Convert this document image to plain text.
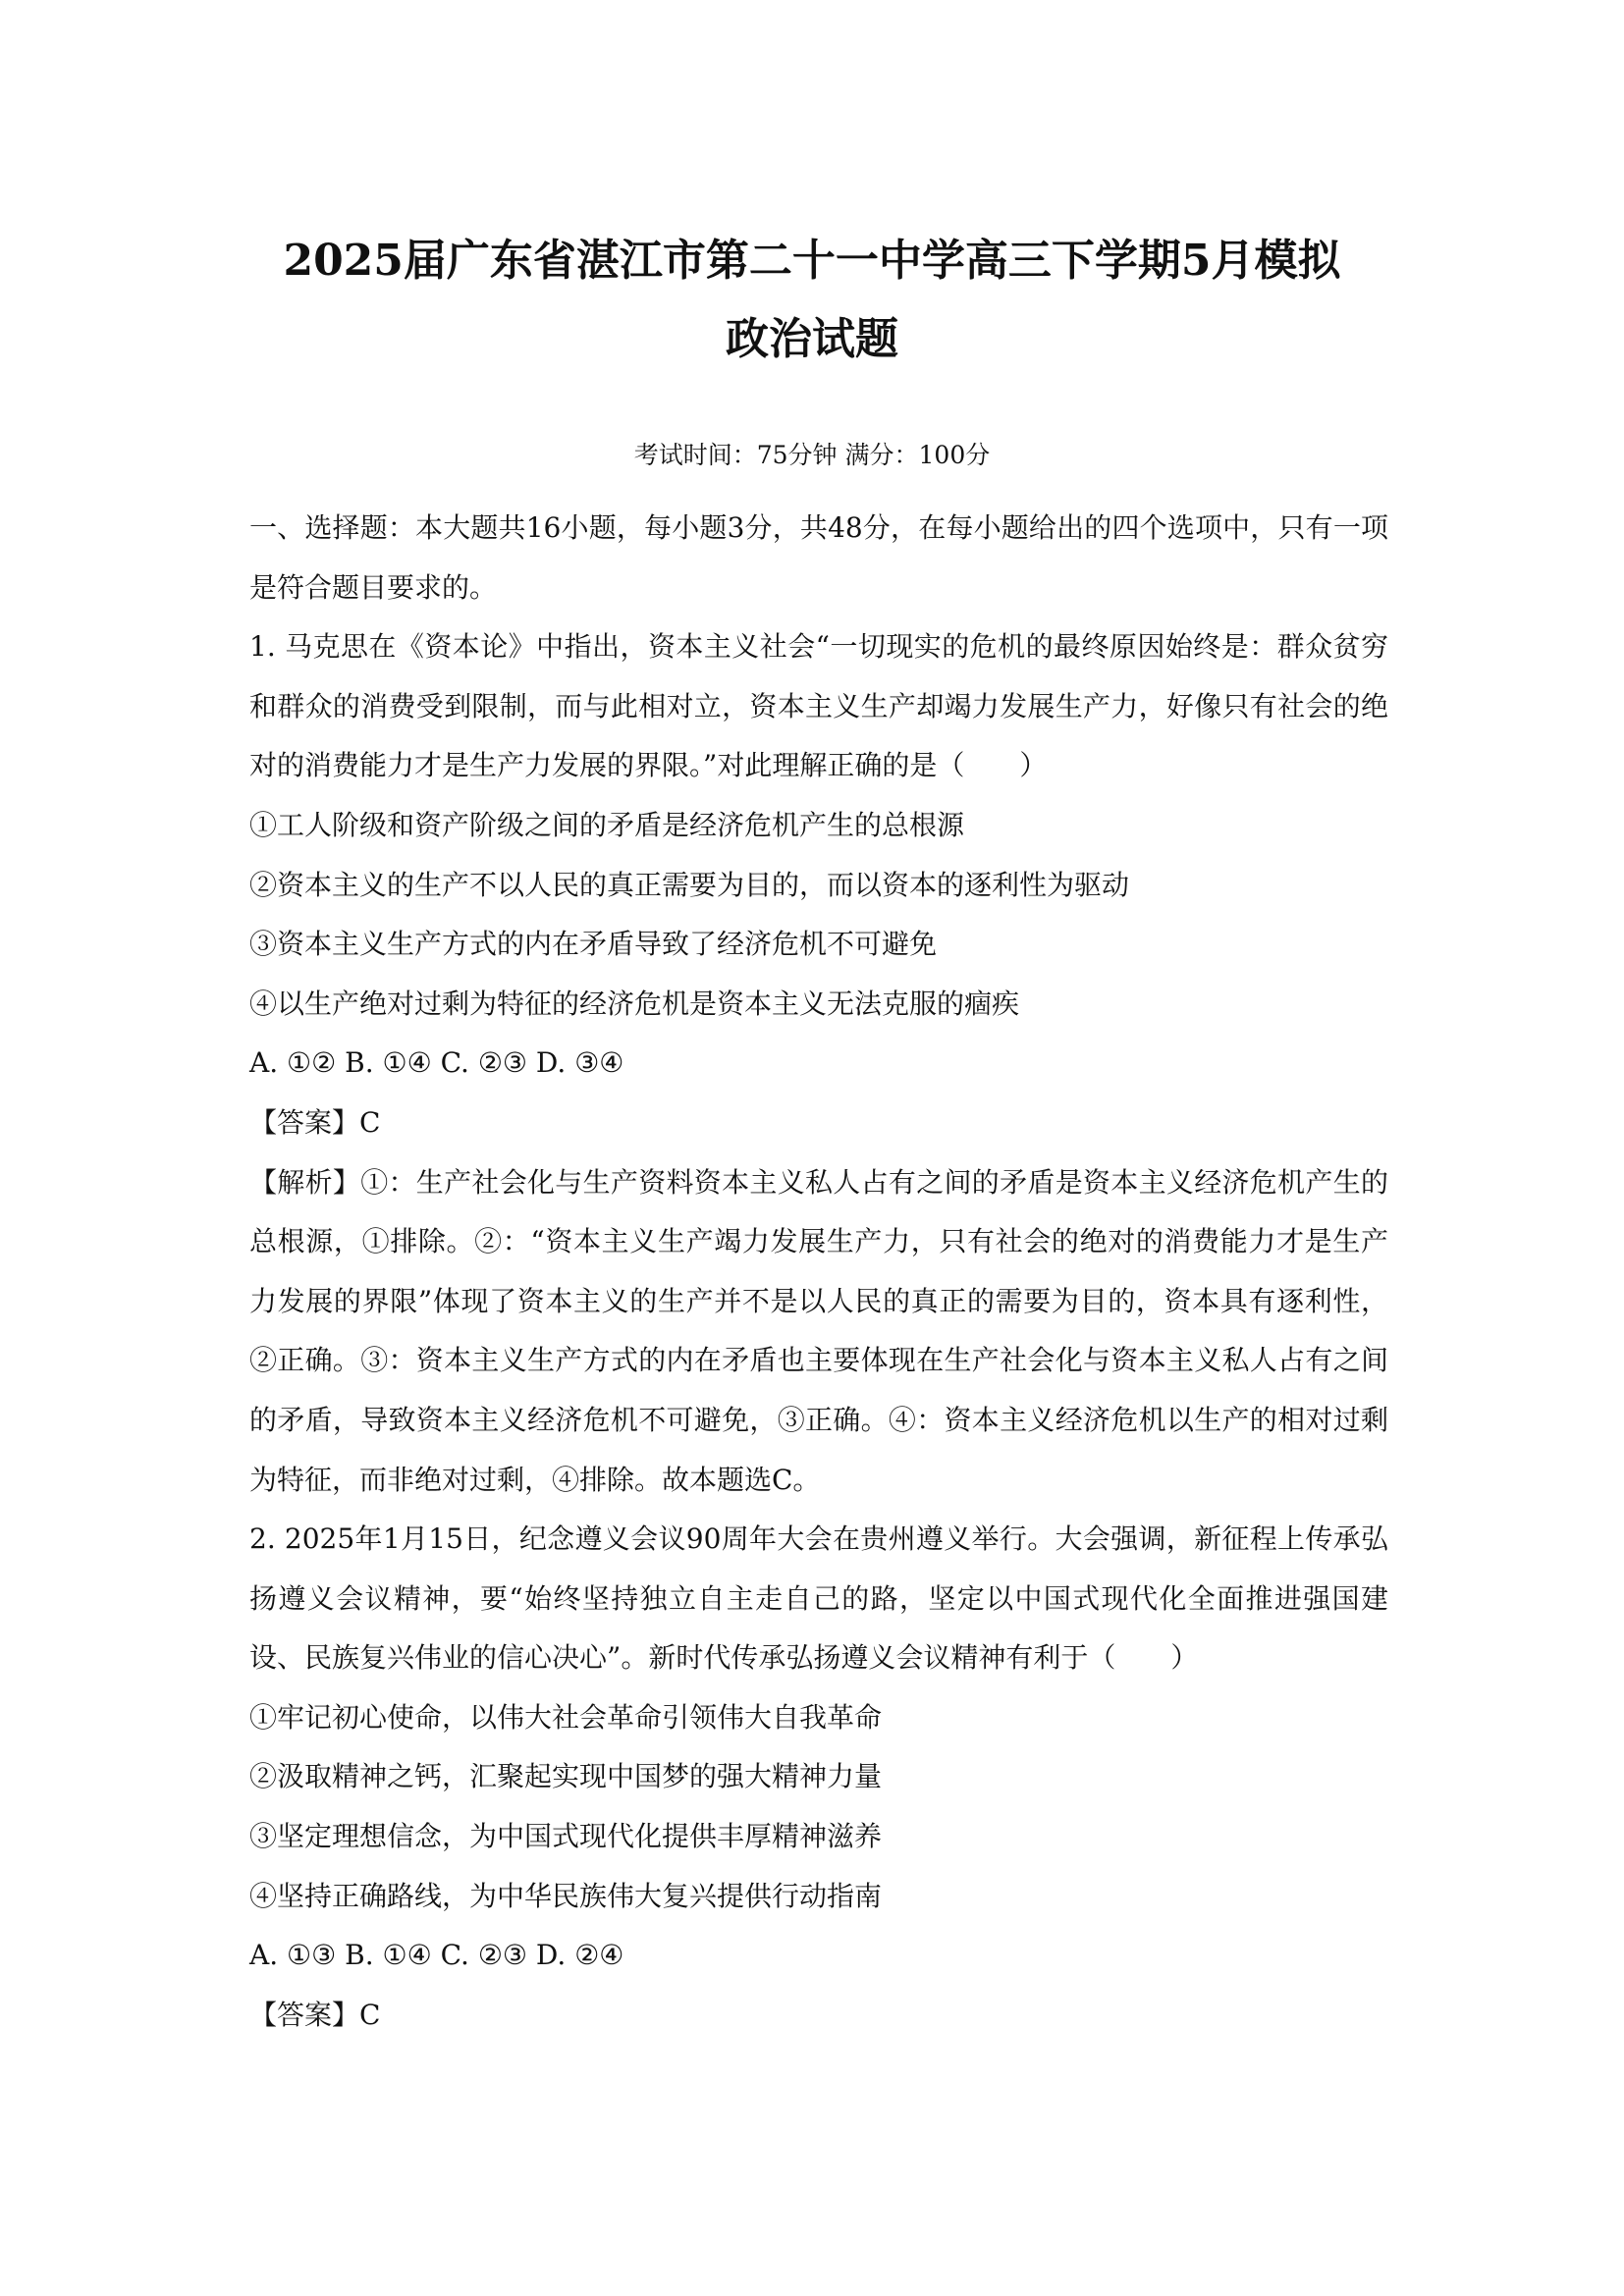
2025届广东省湛江市第二十一中学高三下学期5月模拟
政治试题
考试时间：75分钟 满分：100分

一、选择题：本大题共16小题，每小题3分，共48分，在每小题给出的四个选项中，只有一项是符合题目要求的。

1. 马克思在《资本论》中指出，资本主义社会“一切现实的危机的最终原因始终是：群众贫穷和群众的消费受到限制，而与此相对立，资本主义生产却竭力发展生产力，好像只有社会的绝对的消费能力才是生产力发展的界限。”对此理解正确的是（　　）

①工人阶级和资产阶级之间的矛盾是经济危机产生的总根源
②资本主义的生产不以人民的真正需要为目的，而以资本的逐利性为驱动
③资本主义生产方式的内在矛盾导致了经济危机不可避免
④以生产绝对过剩为特征的经济危机是资本主义无法克服的痼疾
A. ①② B. ①④ C. ②③ D. ③④
【答案】C

【解析】①：生产社会化与生产资料资本主义私人占有之间的矛盾是资本主义经济危机产生的总根源，①排除。②：“资本主义生产竭力发展生产力，只有社会的绝对的消费能力才是生产力发展的界限”体现了资本主义的生产并不是以人民的真正的需要为目的，资本具有逐利性，②正确。③：资本主义生产方式的内在矛盾也主要体现在生产社会化与资本主义私人占有之间的矛盾，导致资本主义经济危机不可避免，③正确。④：资本主义经济危机以生产的相对过剩为特征，而非绝对过剩，④排除。故本题选C。

2. 2025年1月15日，纪念遵义会议90周年大会在贵州遵义举行。大会强调，新征程上传承弘扬遵义会议精神，要“始终坚持独立自主走自己的路，坚定以中国式现代化全面推进强国建设、民族复兴伟业的信心决心”。新时代传承弘扬遵义会议精神有利于（　　）

①牢记初心使命，以伟大社会革命引领伟大自我革命
②汲取精神之钙，汇聚起实现中国梦的强大精神力量
③坚定理想信念，为中国式现代化提供丰厚精神滋养
④坚持正确路线，为中华民族伟大复兴提供行动指南
A. ①③ B. ①④ C. ②③ D. ②④
【答案】C
